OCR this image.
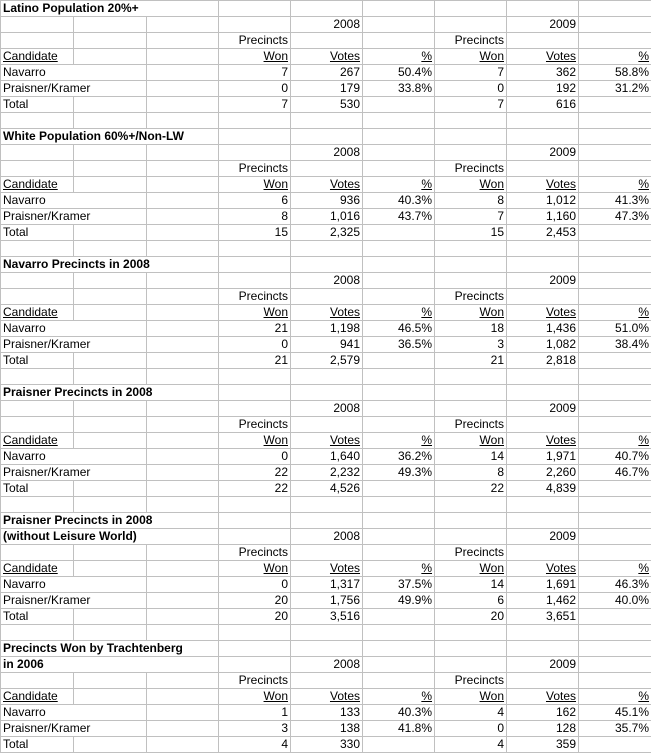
Latino Population 20%+								
				2008			2009	
			Precincts			Precincts		
Candidate			Won	Votes	%	Won	Votes	%
Navarro			7	267	50.4%	7	362	58.8%
Praisner/Kramer			0	179	33.8%	0	192	31.2%
Total			7	530		7	616	

White Population 60%+/Non-LW								
				2008			2009	
			Precincts			Precincts		
Candidate			Won	Votes	%	Won	Votes	%
Navarro			6	936	40.3%	8	1,012	41.3%
Praisner/Kramer			8	1,016	43.7%	7	1,160	47.3%
Total			15	2,325		15	2,453	

Navarro Precincts in 2008								
				2008			2009	
			Precincts			Precincts		
Candidate			Won	Votes	%	Won	Votes	%
Navarro			21	1,198	46.5%	18	1,436	51.0%
Praisner/Kramer			0	941	36.5%	3	1,082	38.4%
Total			21	2,579		21	2,818	

Praisner Precincts in 2008								
				2008			2009	
			Precincts			Precincts		
Candidate			Won	Votes	%	Won	Votes	%
Navarro			0	1,640	36.2%	14	1,971	40.7%
Praisner/Kramer			22	2,232	49.3%	8	2,260	46.7%
Total			22	4,526		22	4,839	

Praisner Precincts in 2008								
(without Leisure World)				2008			2009	
			Precincts			Precincts		
Candidate			Won	Votes	%	Won	Votes	%
Navarro			0	1,317	37.5%	14	1,691	46.3%
Praisner/Kramer			20	1,756	49.9%	6	1,462	40.0%
Total			20	3,516		20	3,651	

Precincts Won by Trachtenberg								
in 2006				2008			2009	
			Precincts			Precincts		
Candidate			Won	Votes	%	Won	Votes	%
Navarro			1	133	40.3%	4	162	45.1%
Praisner/Kramer			3	138	41.8%	0	128	35.7%
Total			4	330		4	359	
